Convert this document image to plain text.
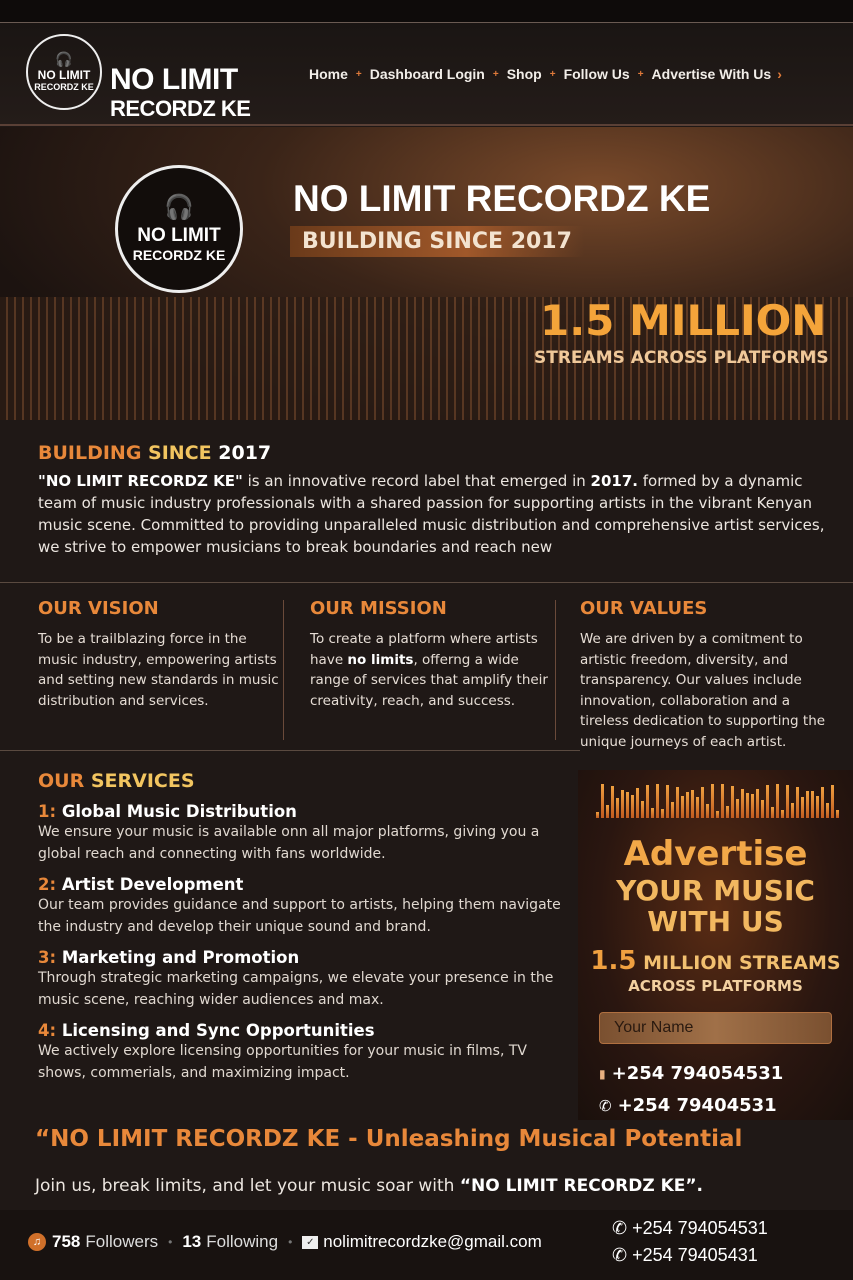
🎧
NO LIMIT
RECORDZ KE NO LIMIT
RECORDZ KE
Home + Dashboard Login + Shop + Follow Us + Advertise With Us ›
🎧
NO LIMIT
RECORDZ KE
NO LIMIT RECORDZ KE
BUILDING SINCE 2017
1.5 MILLION
STREAMS ACROSS PLATFORMS
BUILDING SINCE 2017

"NO LIMIT RECORDZ KE" is an innovative record label that emerged in 2017. formed by a dynamic team of music industry professionals with a shared passion for supporting artists in the vibrant Kenyan music scene. Committed to providing unparalleled music distribution and comprehensive artist services, we strive to empower musicians to break boundaries and reach new

OUR VISION

To be a trailblazing force in the music industry, empowering artists and setting new standards in music distribution and services.

OUR MISSION

To create a platform where artists have no limits, offerng a wide range of services that amplify their creativity, reach, and success.

OUR VALUES

We are driven by a comitment to artistic freedom, diversity, and transparency. Our values include innovation, collaboration and a tireless dedication to supporting the unique journeys of each artist.

OUR SERVICES
1: Global Music Distribution

We ensure your music is available onn all major platforms, giving you a global reach and connecting with fans worldwide.

2: Artist Development

Our team provides guidance and support to artists, helping them navigate the industry and develop their unique sound and brand.

3: Marketing and Promotion

Through strategic marketing campaigns, we elevate your presence in the music scene, reaching wider audiences and max.

4: Licensing and Sync Opportunities

We actively explore licensing opportunities for your music in films, TV shows, commerials, and maximizing impact.

Advertise
YOUR MUSIC
WITH US
1.5 MILLION STREAMS
ACROSS PLATFORMS
Your Name
▮ +254 794054531
✆ +254 79404531
“NO LIMIT RECORDZ KE - Unleashing Musical Potential
Join us, break limits, and let your music soar with “NO LIMIT RECORDZ KE”.
♫ 758 Followers • 13 Following •	✓ nolimitrecordzke@gmail.com
✆ +254 794054531
✆ +254 79405431
